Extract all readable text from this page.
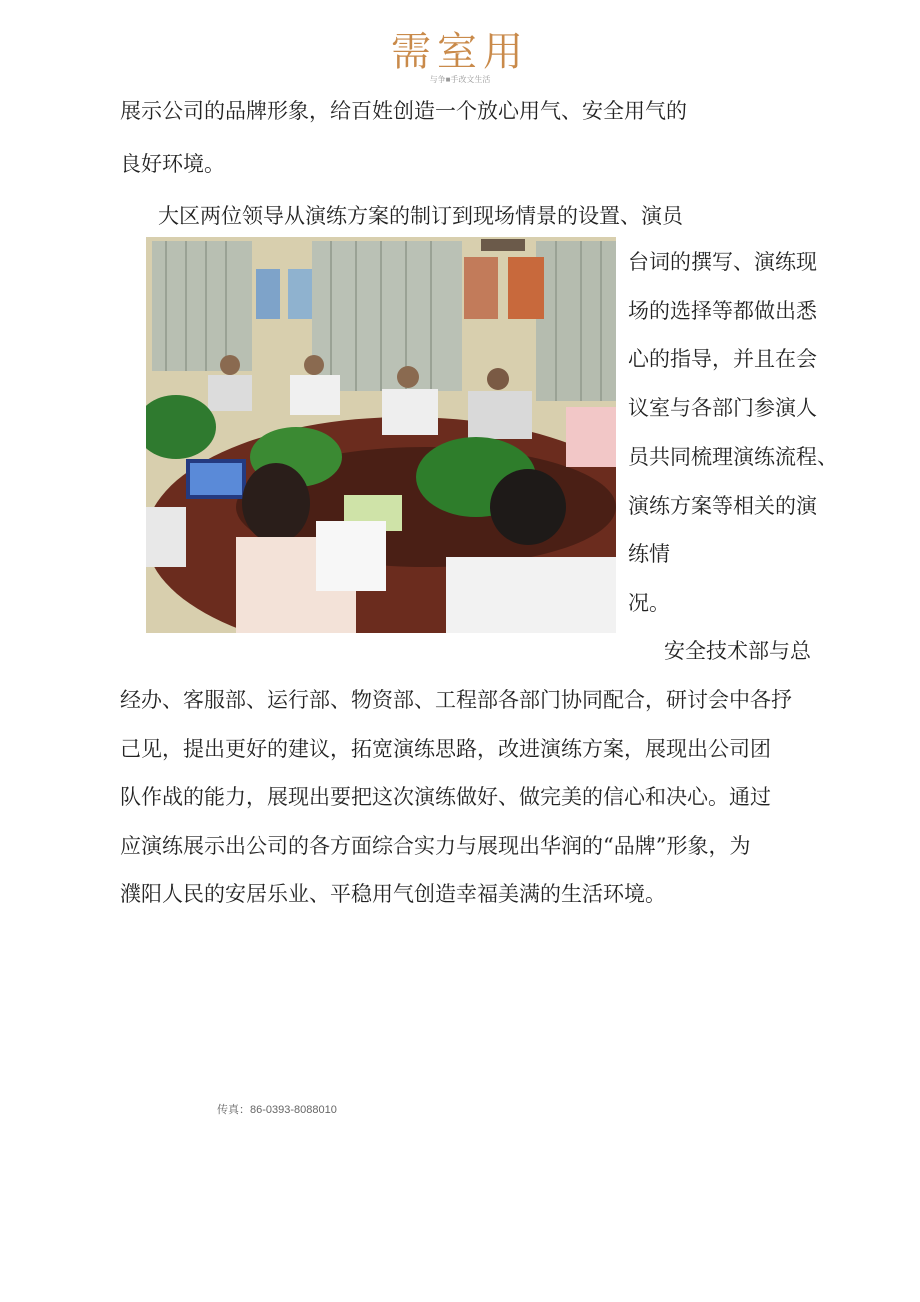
需室用
与争■手改文生活
展示公司的品牌形象，给百姓创造一个放心用气、安全用气的
良好环境。
大区两位领导从演练方案的制订到现场情景的设置、演员
台词的撰写、演练现
场的选择等都做出悉
心的指导，并且在会
议室与各部门参演人
员共同梳理演练流程、
演练方案等相关的演
练情
况。
安全技术部与总
经办、客服部、运行部、物资部、工程部各部门协同配合，研讨会中各抒
己见，提出更好的建议，拓宽演练思路，改进演练方案，展现出公司团
队作战的能力，展现出要把这次演练做好、做完美的信心和决心。通过
应演练展示出公司的各方面综合实力与展现出华润的“品牌”形象，为
濮阳人民的安居乐业、平稳用气创造幸福美满的生活环境。
传真：86-0393-8088010
